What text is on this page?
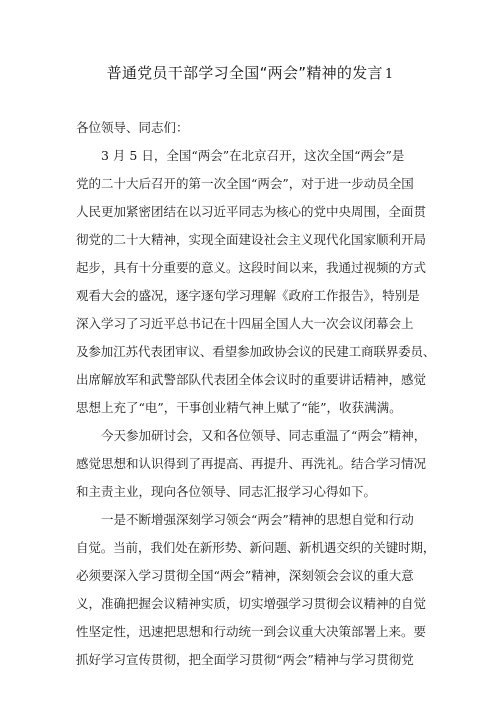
普通党员干部学习全国“两会”精神的发言 1
各位领导、同志们：
3 月 5 日，全国“两会”在北京召开，这次全国“两会”是
党的二十大后召开的第一次全国“两会”，对于进一步动员全国
人民更加紧密团结在以习近平同志为核心的党中央周围，全面贯
彻党的二十大精神，实现全面建设社会主义现代化国家顺利开局
起步，具有十分重要的意义。这段时间以来，我通过视频的方式
观看大会的盛况，逐字逐句学习理解《政府工作报告》，特别是
深入学习了习近平总书记在十四届全国人大一次会议闭幕会上
及参加江苏代表团审议、看望参加政协会议的民建工商联界委员、
出席解放军和武警部队代表团全体会议时的重要讲话精神，感觉
思想上充了“电”，干事创业精气神上赋了“能”，收获满满。
今天参加研讨会，又和各位领导、同志重温了“两会”精神，
感觉思想和认识得到了再提高、再提升、再洗礼。结合学习情况
和主责主业，现向各位领导、同志汇报学习心得如下。
一是不断增强深刻学习领会“两会”精神的思想自觉和行动
自觉。当前，我们处在新形势、新问题、新机遇交织的关键时期，
必须要深入学习贯彻全国“两会”精神，深刻领会会议的重大意
义，准确把握会议精神实质，切实增强学习贯彻会议精神的自觉
性坚定性，迅速把思想和行动统一到会议重大决策部署上来。要
抓好学习宣传贯彻，把全面学习贯彻“两会”精神与学习贯彻党
